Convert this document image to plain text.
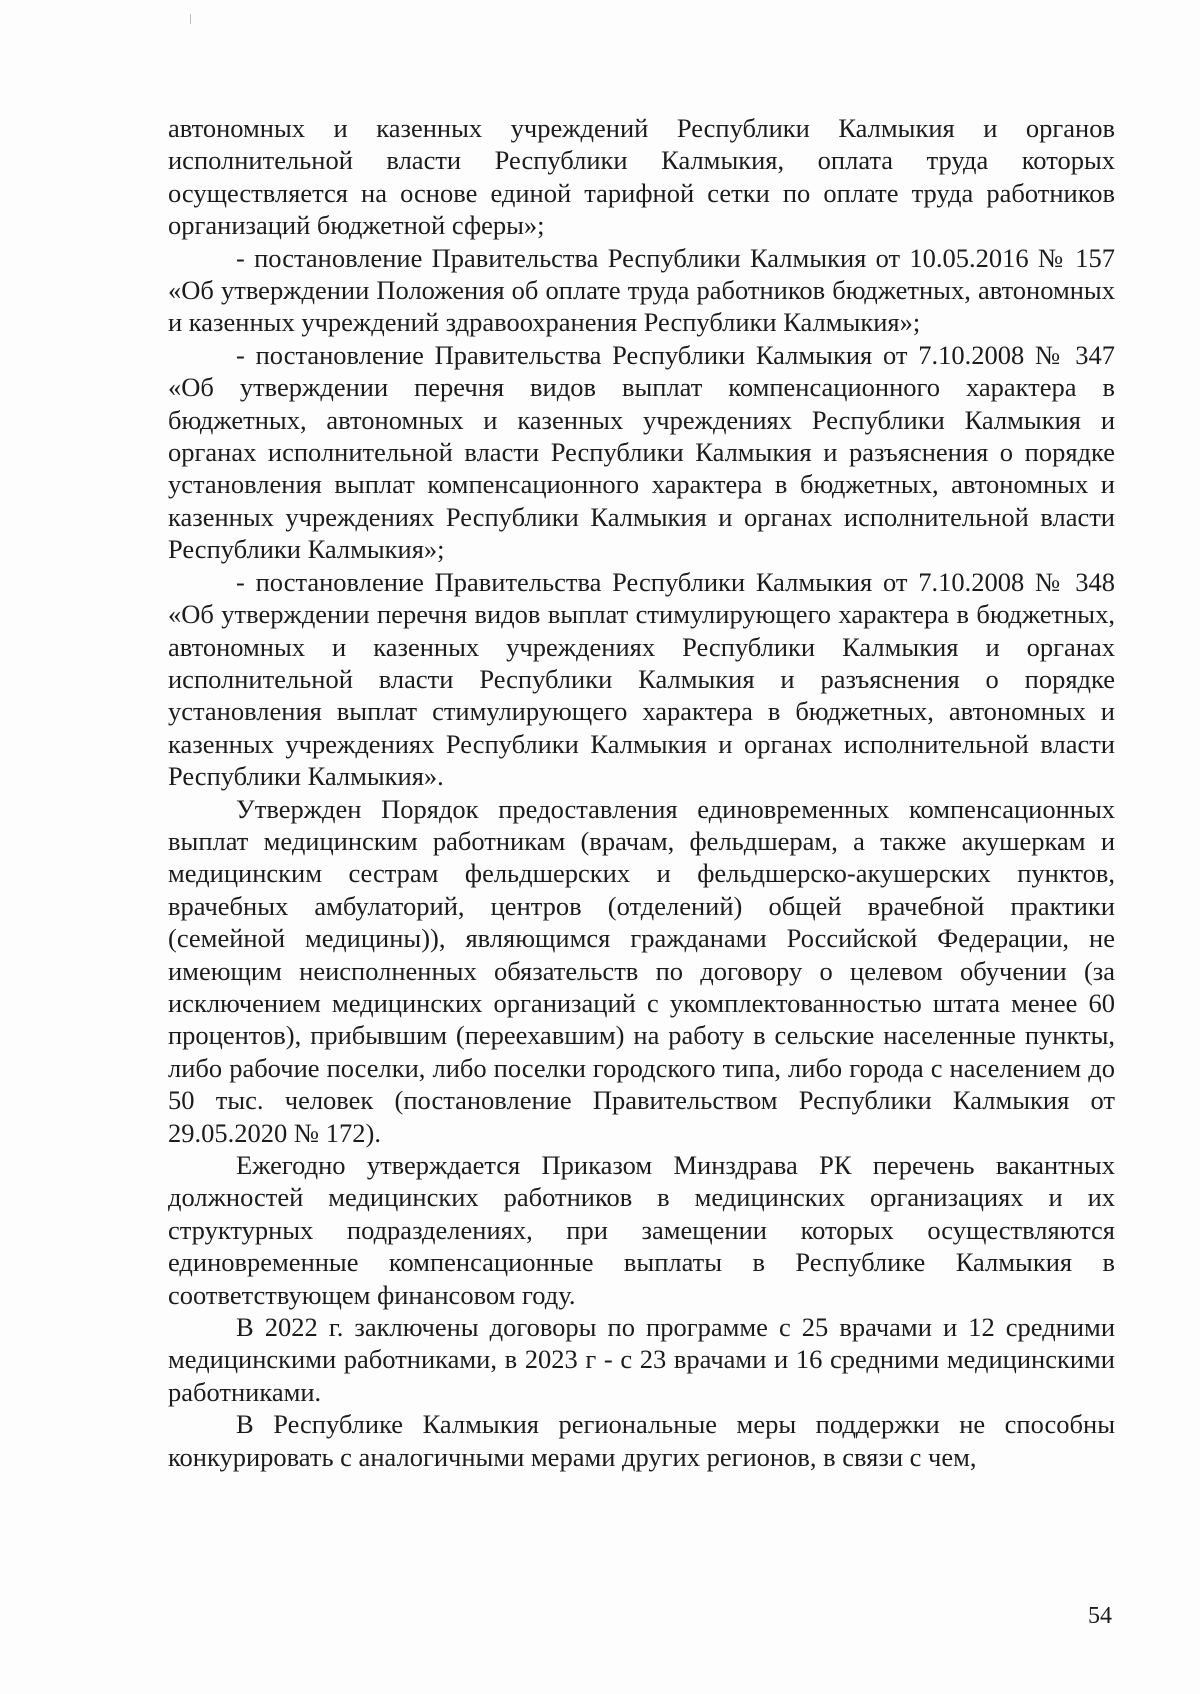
автономных и казенных учреждений Республики Калмыкия и органов исполнительной власти Республики Калмыкия, оплата труда которых осуществляется на основе единой тарифной сетки по оплате труда работников организаций бюджетной сферы»;

- постановление Правительства Республики Калмыкия от 10.05.2016 № 157 «Об утверждении Положения об оплате труда работников бюджетных, автономных и казенных учреждений здравоохранения Республики Калмыкия»;

- постановление Правительства Республики Калмыкия от 7.10.2008 № 347 «Об утверждении перечня видов выплат компенсационного характера в бюджетных, автономных и казенных учреждениях Республики Калмыкия и органах исполнительной власти Республики Калмыкия и разъяснения о порядке установления выплат компенсационного характера в бюджетных, автономных и казенных учреждениях Республики Калмыкия и органах исполнительной власти Республики Калмыкия»;

- постановление Правительства Республики Калмыкия от 7.10.2008 № 348 «Об утверждении перечня видов выплат стимулирующего характера в бюджетных, автономных и казенных учреждениях Республики Калмыкия и органах исполнительной власти Республики Калмыкия и разъяснения о порядке установления выплат стимулирующего характера в бюджетных, автономных и казенных учреждениях Республики Калмыкия и органах исполнительной власти Республики Калмыкия».

Утвержден Порядок предоставления единовременных компенсационных выплат медицинским работникам (врачам, фельдшерам, а также акушеркам и медицинским сестрам фельдшерских и фельдшерско-акушерских пунктов, врачебных амбулаторий, центров (отделений) общей врачебной практики (семейной медицины)), являющимся гражданами Российской Федерации, не имеющим неисполненных обязательств по договору о целевом обучении (за исключением медицинских организаций с укомплектованностью штата менее 60 процентов), прибывшим (переехавшим) на работу в сельские населенные пункты, либо рабочие поселки, либо поселки городского типа, либо города с населением до 50 тыс. человек (постановление Правительством Республики Калмыкия от 29.05.2020 № 172).

Ежегодно утверждается Приказом Минздрава РК перечень вакантных должностей медицинских работников в медицинских организациях и их структурных подразделениях, при замещении которых осуществляются единовременные компенсационные выплаты в Республике Калмыкия в соответствующем финансовом году.

В 2022 г. заключены договоры по программе с 25 врачами и 12 средними медицинскими работниками, в 2023 г - с 23 врачами и 16 средними медицинскими работниками.

В Республике Калмыкия региональные меры поддержки не способны конкурировать с аналогичными мерами других регионов, в связи с чем,

54
